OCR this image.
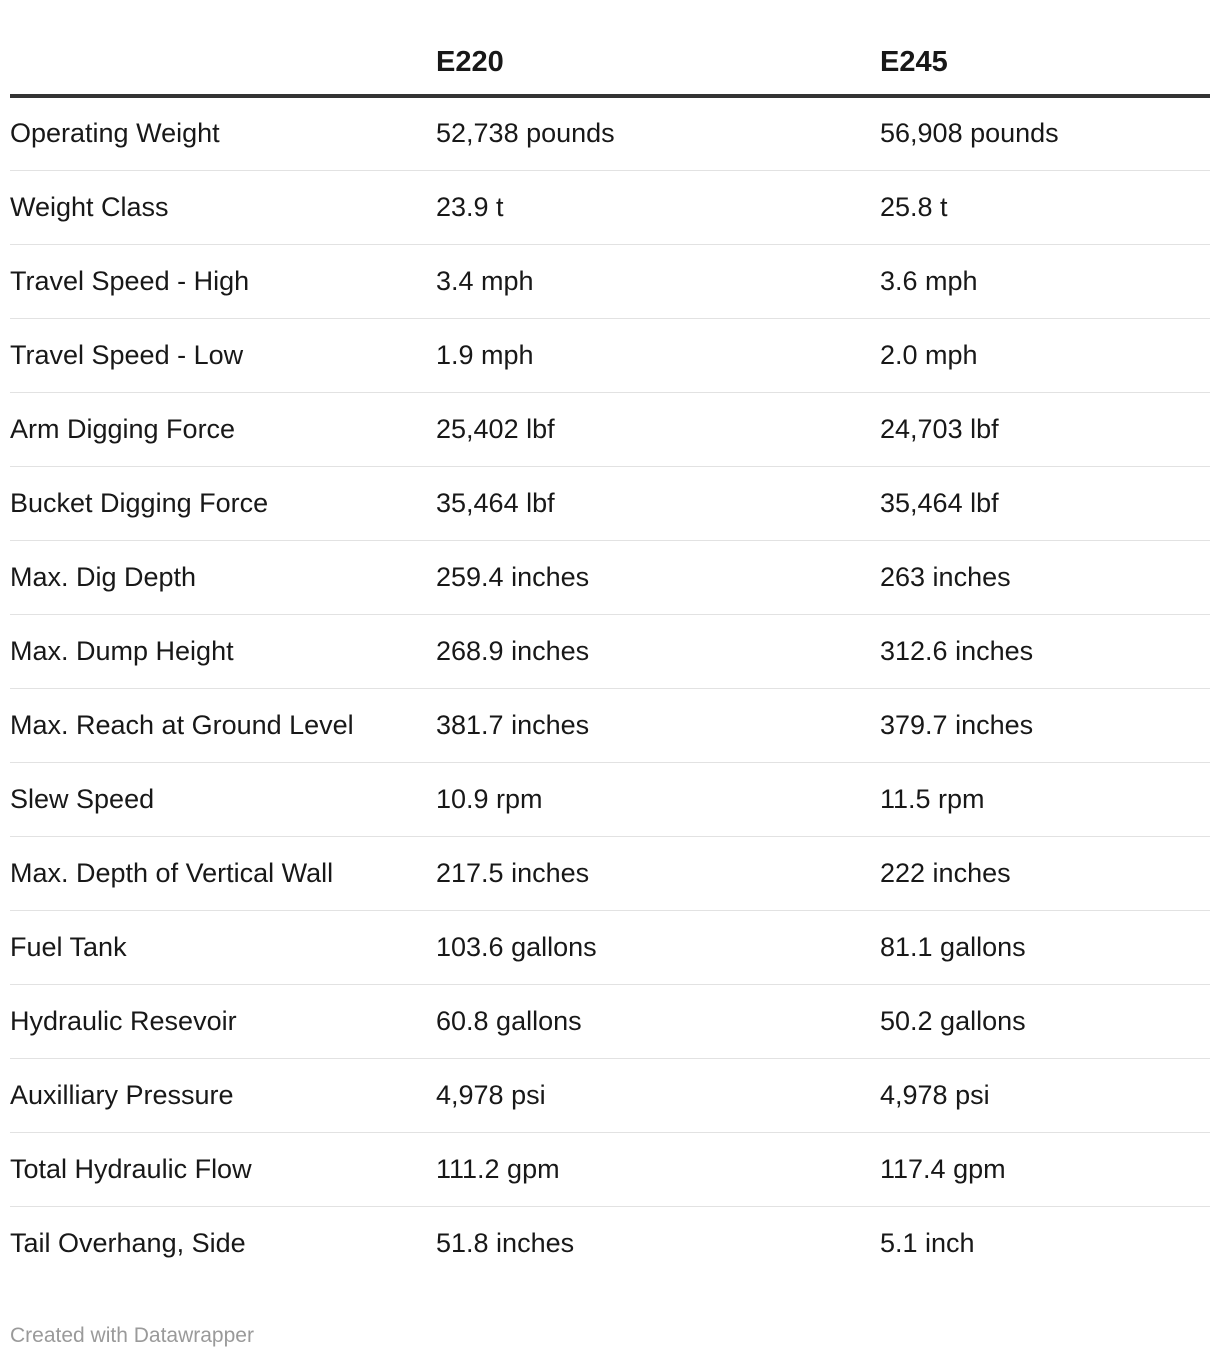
	E220	E245
Operating Weight	52,738 pounds	56,908 pounds
Weight Class	23.9 t	25.8 t
Travel Speed - High	3.4 mph	3.6 mph
Travel Speed - Low	1.9 mph	2.0 mph
Arm Digging Force	25,402 lbf	24,703 lbf
Bucket Digging Force	35,464 lbf	35,464 lbf
Max. Dig Depth	259.4 inches	263 inches
Max. Dump Height	268.9 inches	312.6 inches
Max. Reach at Ground Level	381.7 inches	379.7 inches
Slew Speed	10.9 rpm	11.5 rpm
Max. Depth of Vertical Wall	217.5 inches	222 inches
Fuel Tank	103.6 gallons	81.1 gallons
Hydraulic Resevoir	60.8 gallons	50.2 gallons
Auxilliary Pressure	4,978 psi	4,978 psi
Total Hydraulic Flow	111.2 gpm	117.4 gpm
Tail Overhang, Side	51.8 inches	5.1 inch
Created with Datawrapper
